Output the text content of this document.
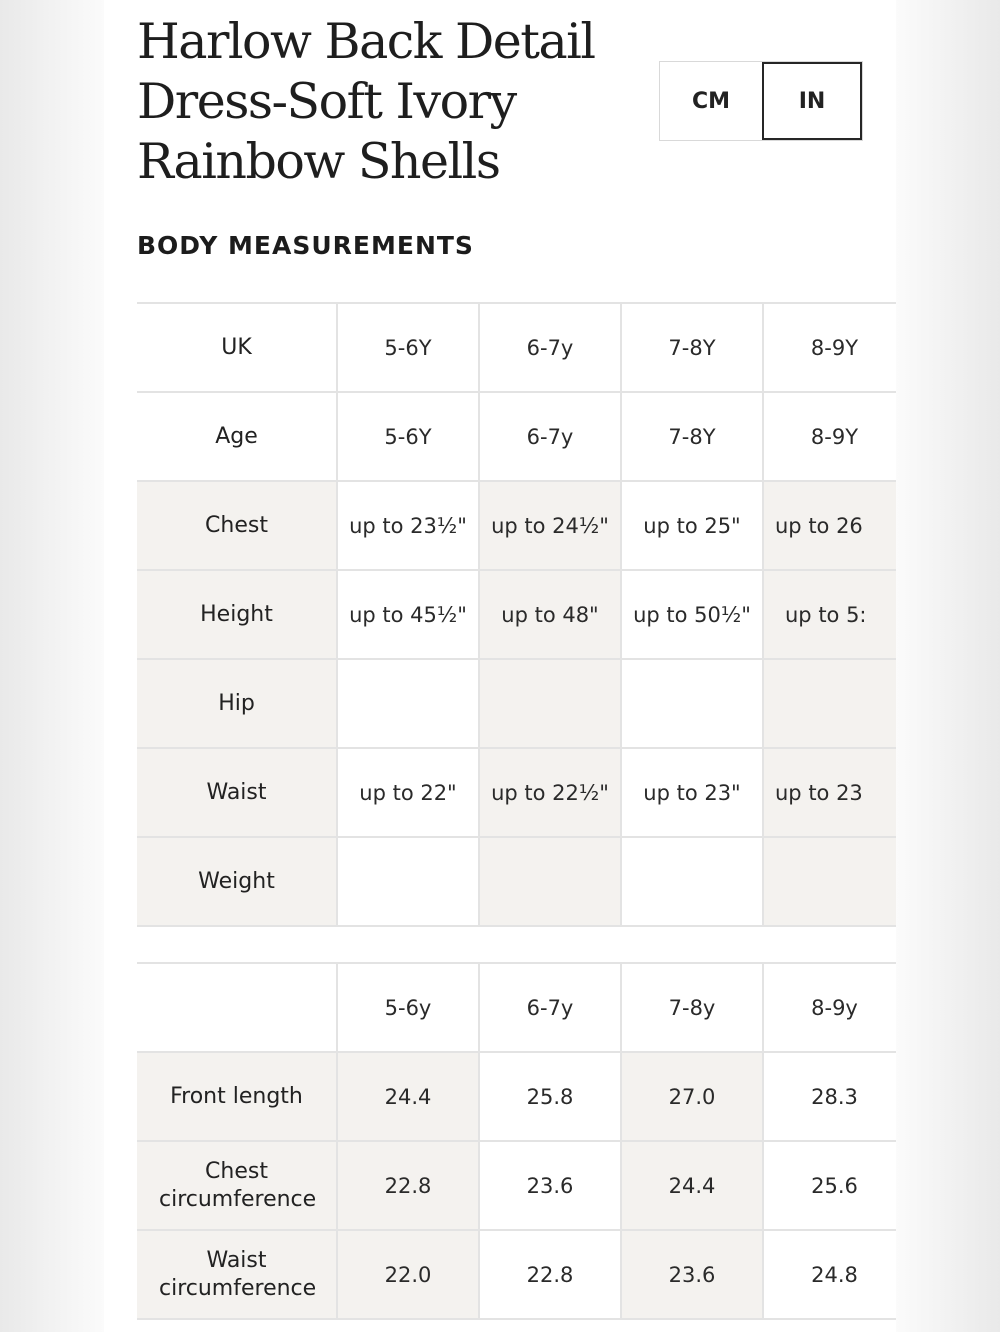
Harlow Back Detail Dress-Soft Ivory Rainbow Shells
CM	IN
BODY MEASUREMENTS
UK	5-6Y	6-7y	7-8Y	8-9Y
Age	5-6Y	6-7y	7-8Y	8-9Y
Chest	up to 23½"	up to 24½"	up to 25"	up to 26
Height	up to 45½"	up to 48"	up to 50½"	up to 5:
Hip				
Waist	up to 22"	up to 22½"	up to 23"	up to 23
Weight				
	5-6y	6-7y	7-8y	8-9y
Front length	24.4	25.8	27.0	28.3
Chest circumference	22.8	23.6	24.4	25.6
Waist circumference	22.0	22.8	23.6	24.8
